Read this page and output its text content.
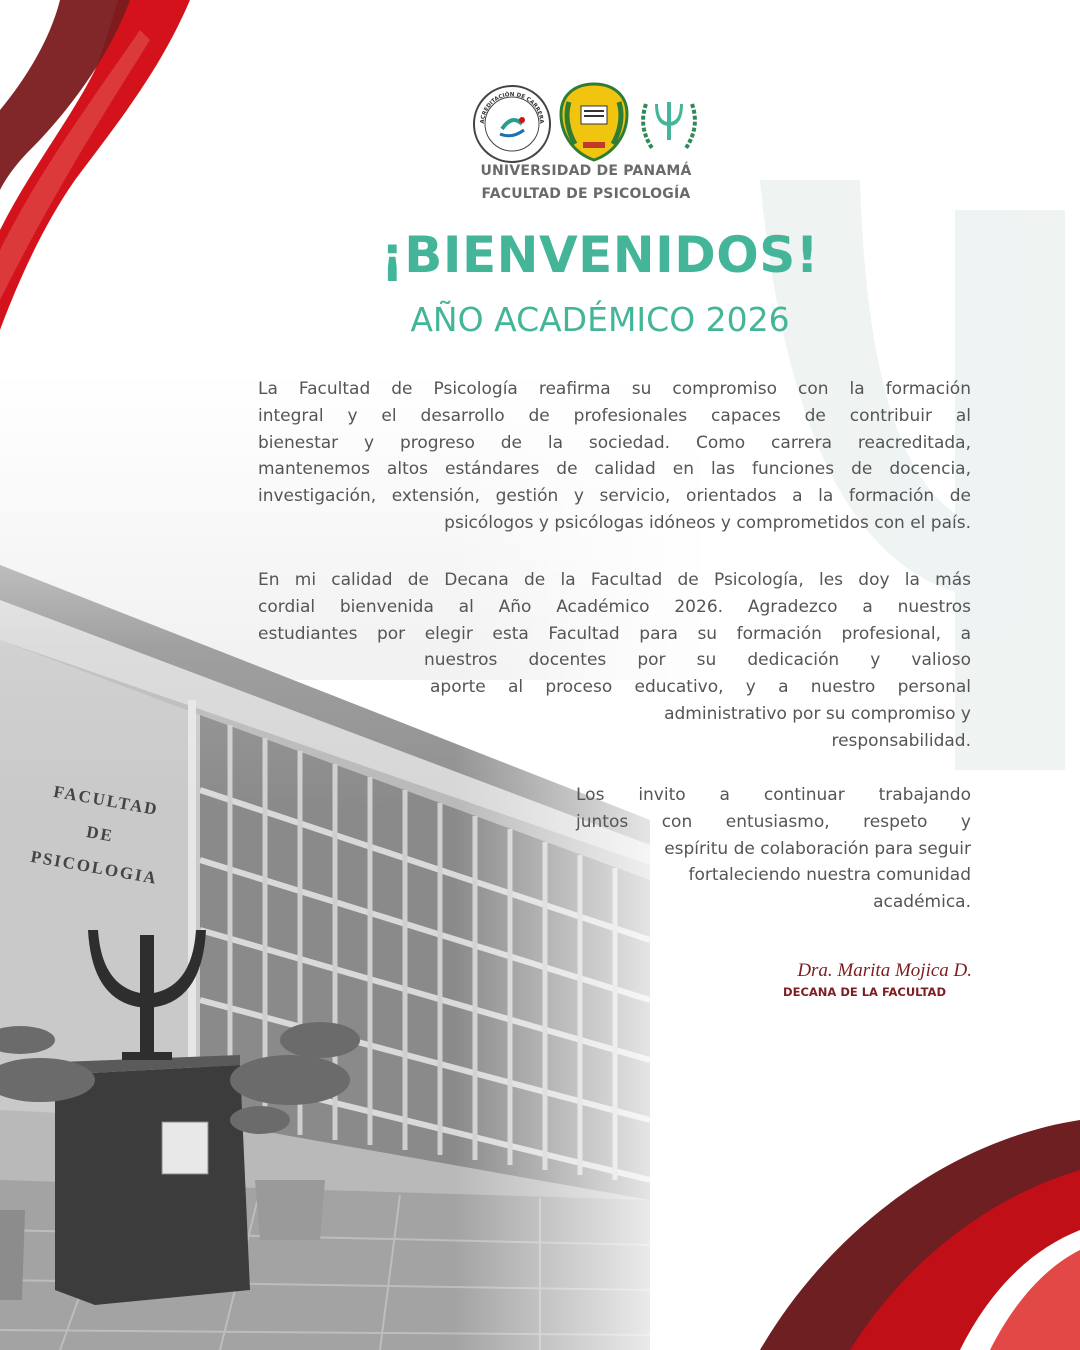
FACULTAD
DE
PSICOLOGIA
ACREDITACIÓN DE CARRERA
UNIVERSIDAD DE PANAMÁ
FACULTAD DE PSICOLOGÍA
¡BIENVENIDOS!
AÑO ACADÉMICO 2026
La Facultad de Psicología reafirma su compromiso con la formación
integral y el desarrollo de profesionales capaces de contribuir al
bienestar y progreso de la sociedad. Como carrera reacreditada,
mantenemos altos estándares de calidad en las funciones de docencia,
investigación, extensión, gestión y servicio, orientados a la formación de
psicólogos y psicólogas idóneos y comprometidos con el país.
En mi calidad de Decana de la Facultad de Psicología, les doy la más
cordial bienvenida al Año Académico 2026. Agradezco a nuestros
estudiantes por elegir esta Facultad para su formación profesional, a
nuestros docentes por su dedicación y valioso
aporte al proceso educativo, y a nuestro personal
administrativo por su compromiso y
responsabilidad.
Los invito a continuar trabajando
juntos con entusiasmo, respeto y
espíritu de colaboración para seguir
fortaleciendo nuestra comunidad
académica.
Dra. Marita Mojica D.
DECANA DE LA FACULTAD
